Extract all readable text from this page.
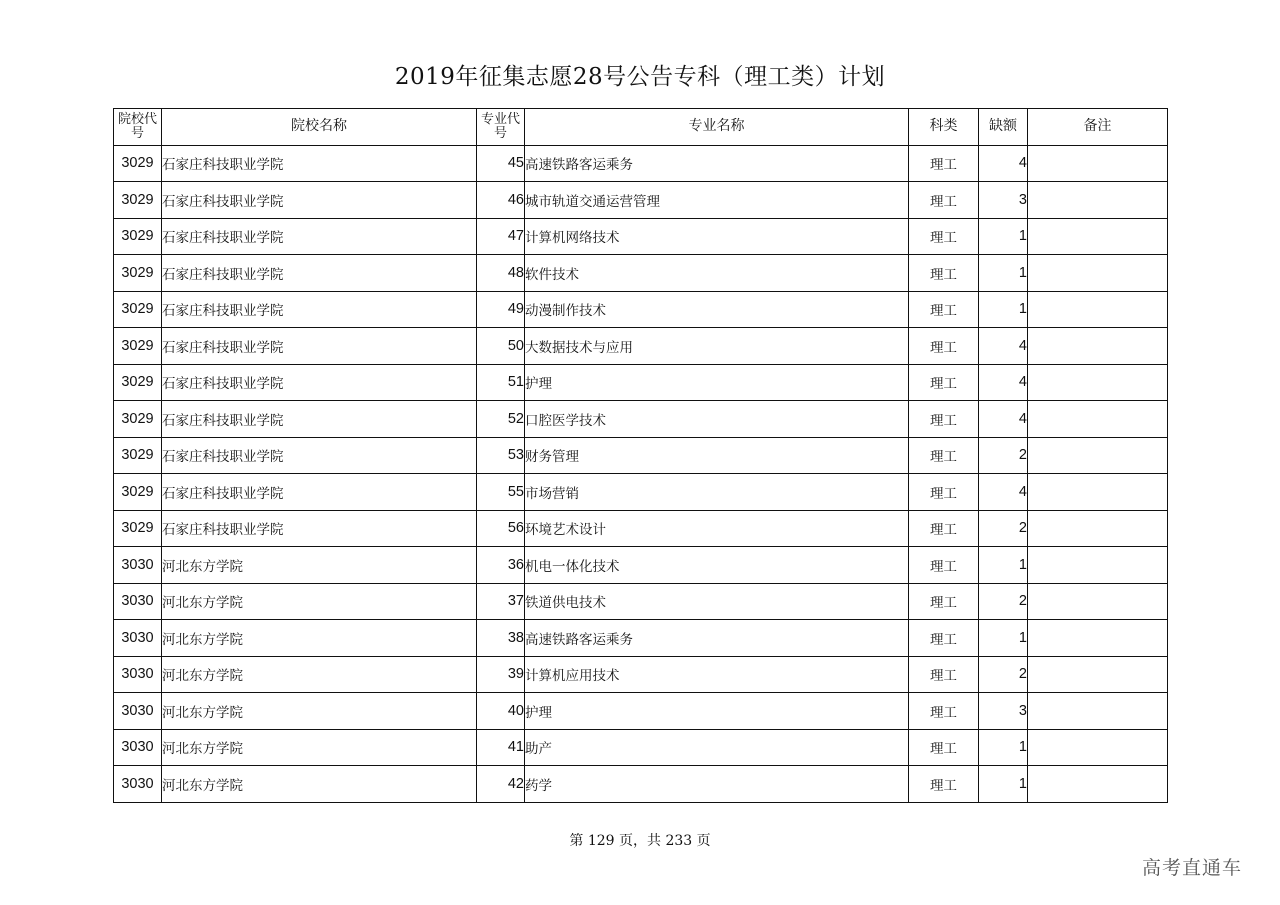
2019年征集志愿28号公告专科（理工类）计划
院校代号	院校名称	专业代号	专业名称	科类	缺额	备注
3029	石家庄科技职业学院	45	高速铁路客运乘务	理工	4	
3029	石家庄科技职业学院	46	城市轨道交通运营管理	理工	3	
3029	石家庄科技职业学院	47	计算机网络技术	理工	1	
3029	石家庄科技职业学院	48	软件技术	理工	1	
3029	石家庄科技职业学院	49	动漫制作技术	理工	1	
3029	石家庄科技职业学院	50	大数据技术与应用	理工	4	
3029	石家庄科技职业学院	51	护理	理工	4	
3029	石家庄科技职业学院	52	口腔医学技术	理工	4	
3029	石家庄科技职业学院	53	财务管理	理工	2	
3029	石家庄科技职业学院	55	市场营销	理工	4	
3029	石家庄科技职业学院	56	环境艺术设计	理工	2	
3030	河北东方学院	36	机电一体化技术	理工	1	
3030	河北东方学院	37	铁道供电技术	理工	2	
3030	河北东方学院	38	高速铁路客运乘务	理工	1	
3030	河北东方学院	39	计算机应用技术	理工	2	
3030	河北东方学院	40	护理	理工	3	
3030	河北东方学院	41	助产	理工	1	
3030	河北东方学院	42	药学	理工	1	
第 129 页，共 233 页
高考直通车
